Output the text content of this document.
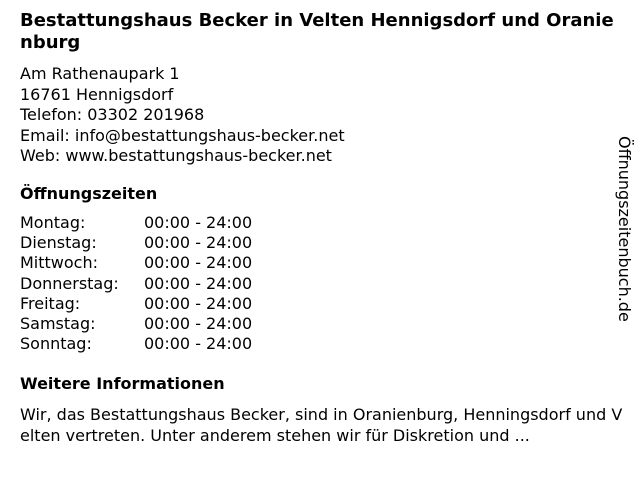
Bestattungshaus Becker in Velten Hennigsdorf und Oranienburg
Am Rathenaupark 1
16761 Hennigsdorf
Telefon: 03302 201968
Email: info@bestattungshaus-becker.net
Web: www.bestattungshaus-becker.net
Öffnungszeiten
Montag:	00:00 - 24:00
Dienstag:	00:00 - 24:00
Mittwoch:	00:00 - 24:00
Donnerstag: 00:00 - 24:00
Freitag:	00:00 - 24:00
Samstag:	00:00 - 24:00
Sonntag:	00:00 - 24:00
Weitere Informationen

Wir, das Bestattungshaus Becker, sind in Oranienburg, Henningsdorf und Velten vertreten. Unter anderem stehen wir für Diskretion und ...

Öffnungszeitenbuch.de
